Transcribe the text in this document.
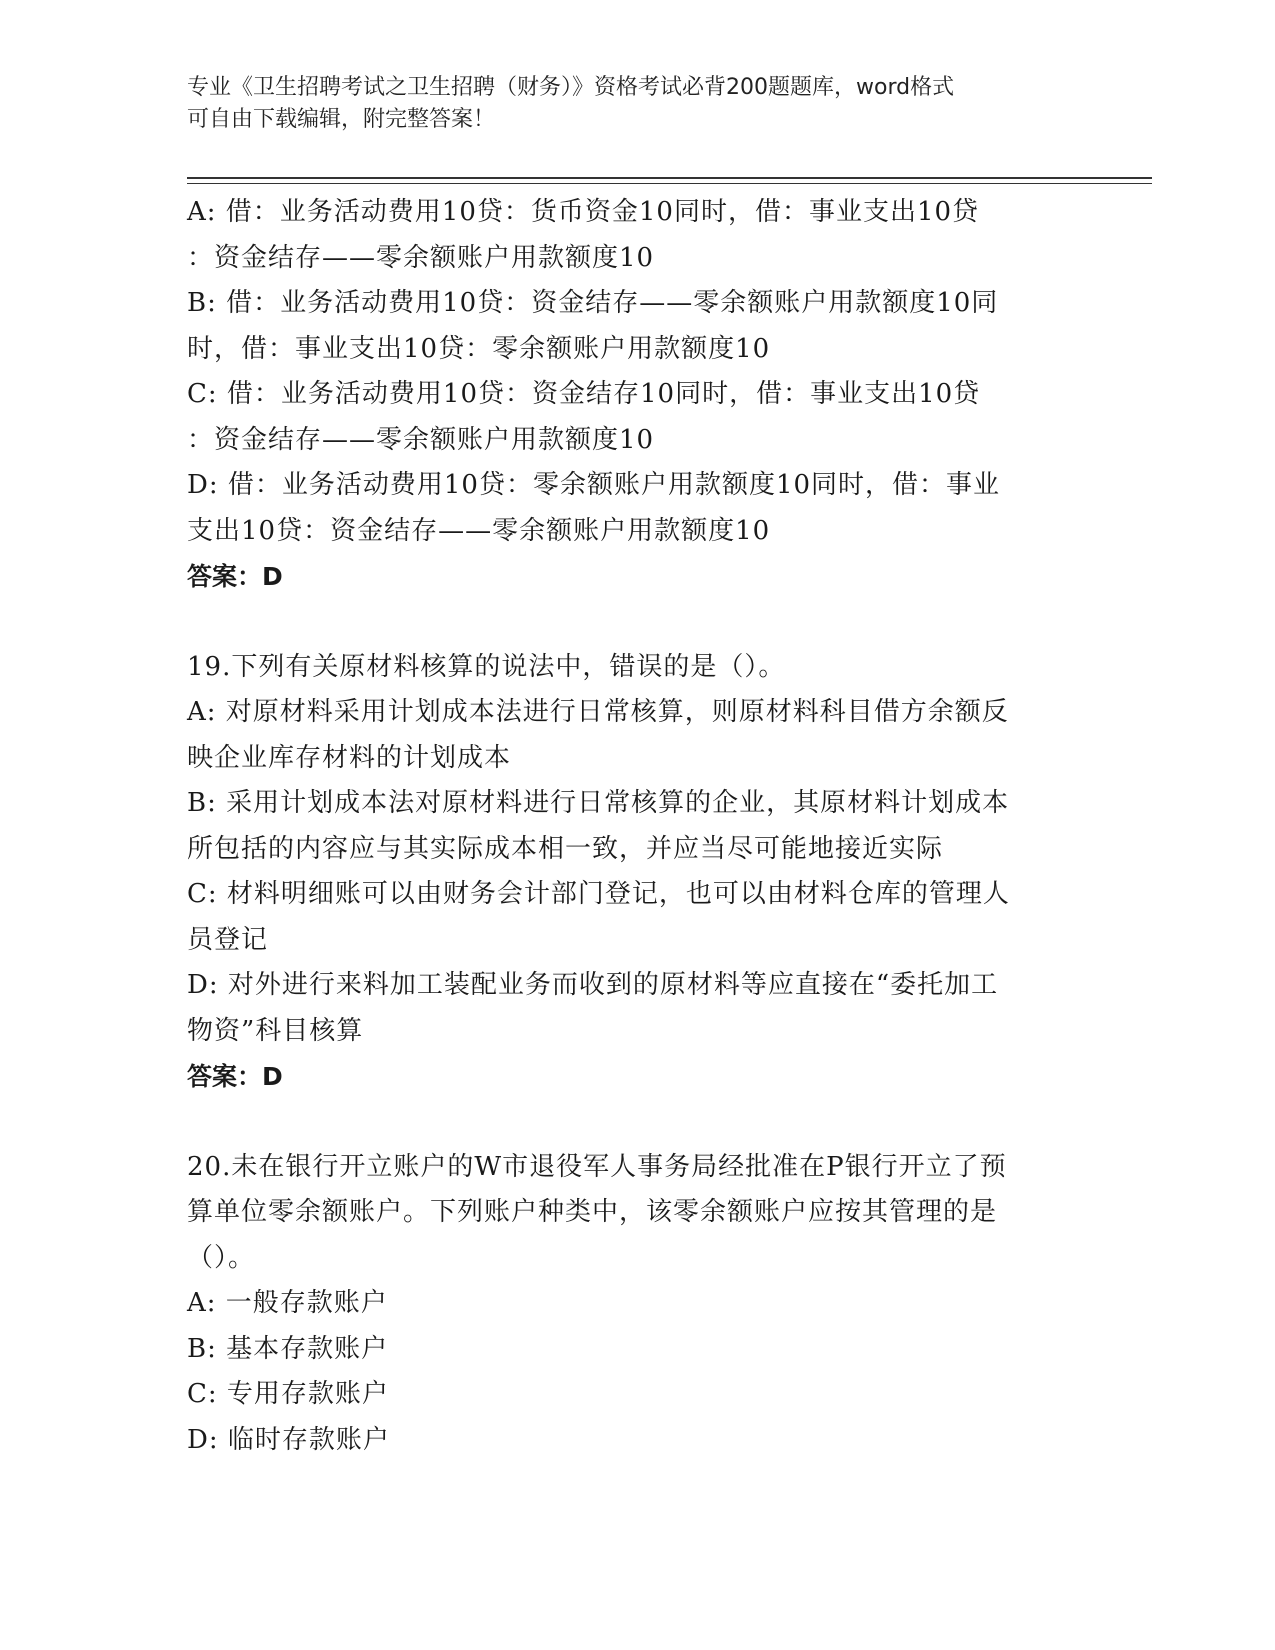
专业《卫生招聘考试之卫生招聘（财务）》资格考试必背200题题库，word格式
可自由下载编辑，附完整答案！

A: 借：业务活动费用10贷：货币资金10同时，借：事业支出10贷

：资金结存——零余额账户用款额度10

B: 借：业务活动费用10贷：资金结存——零余额账户用款额度10同

时，借：事业支出10贷：零余额账户用款额度10

C: 借：业务活动费用10贷：资金结存10同时，借：事业支出10贷

：资金结存——零余额账户用款额度10

D: 借：业务活动费用10贷：零余额账户用款额度10同时，借：事业

支出10贷：资金结存——零余额账户用款额度10

答案：D

19.下列有关原材料核算的说法中，错误的是（）。

A: 对原材料采用计划成本法进行日常核算，则原材料科目借方余额反

映企业库存材料的计划成本

B: 采用计划成本法对原材料进行日常核算的企业，其原材料计划成本

所包括的内容应与其实际成本相一致，并应当尽可能地接近实际

C: 材料明细账可以由财务会计部门登记，也可以由材料仓库的管理人

员登记

D: 对外进行来料加工装配业务而收到的原材料等应直接在“委托加工

物资”科目核算

答案：D

20.未在银行开立账户的W市退役军人事务局经批准在P银行开立了预

算单位零余额账户。下列账户种类中，该零余额账户应按其管理的是

（）。

A: 一般存款账户

B: 基本存款账户

C: 专用存款账户

D: 临时存款账户
